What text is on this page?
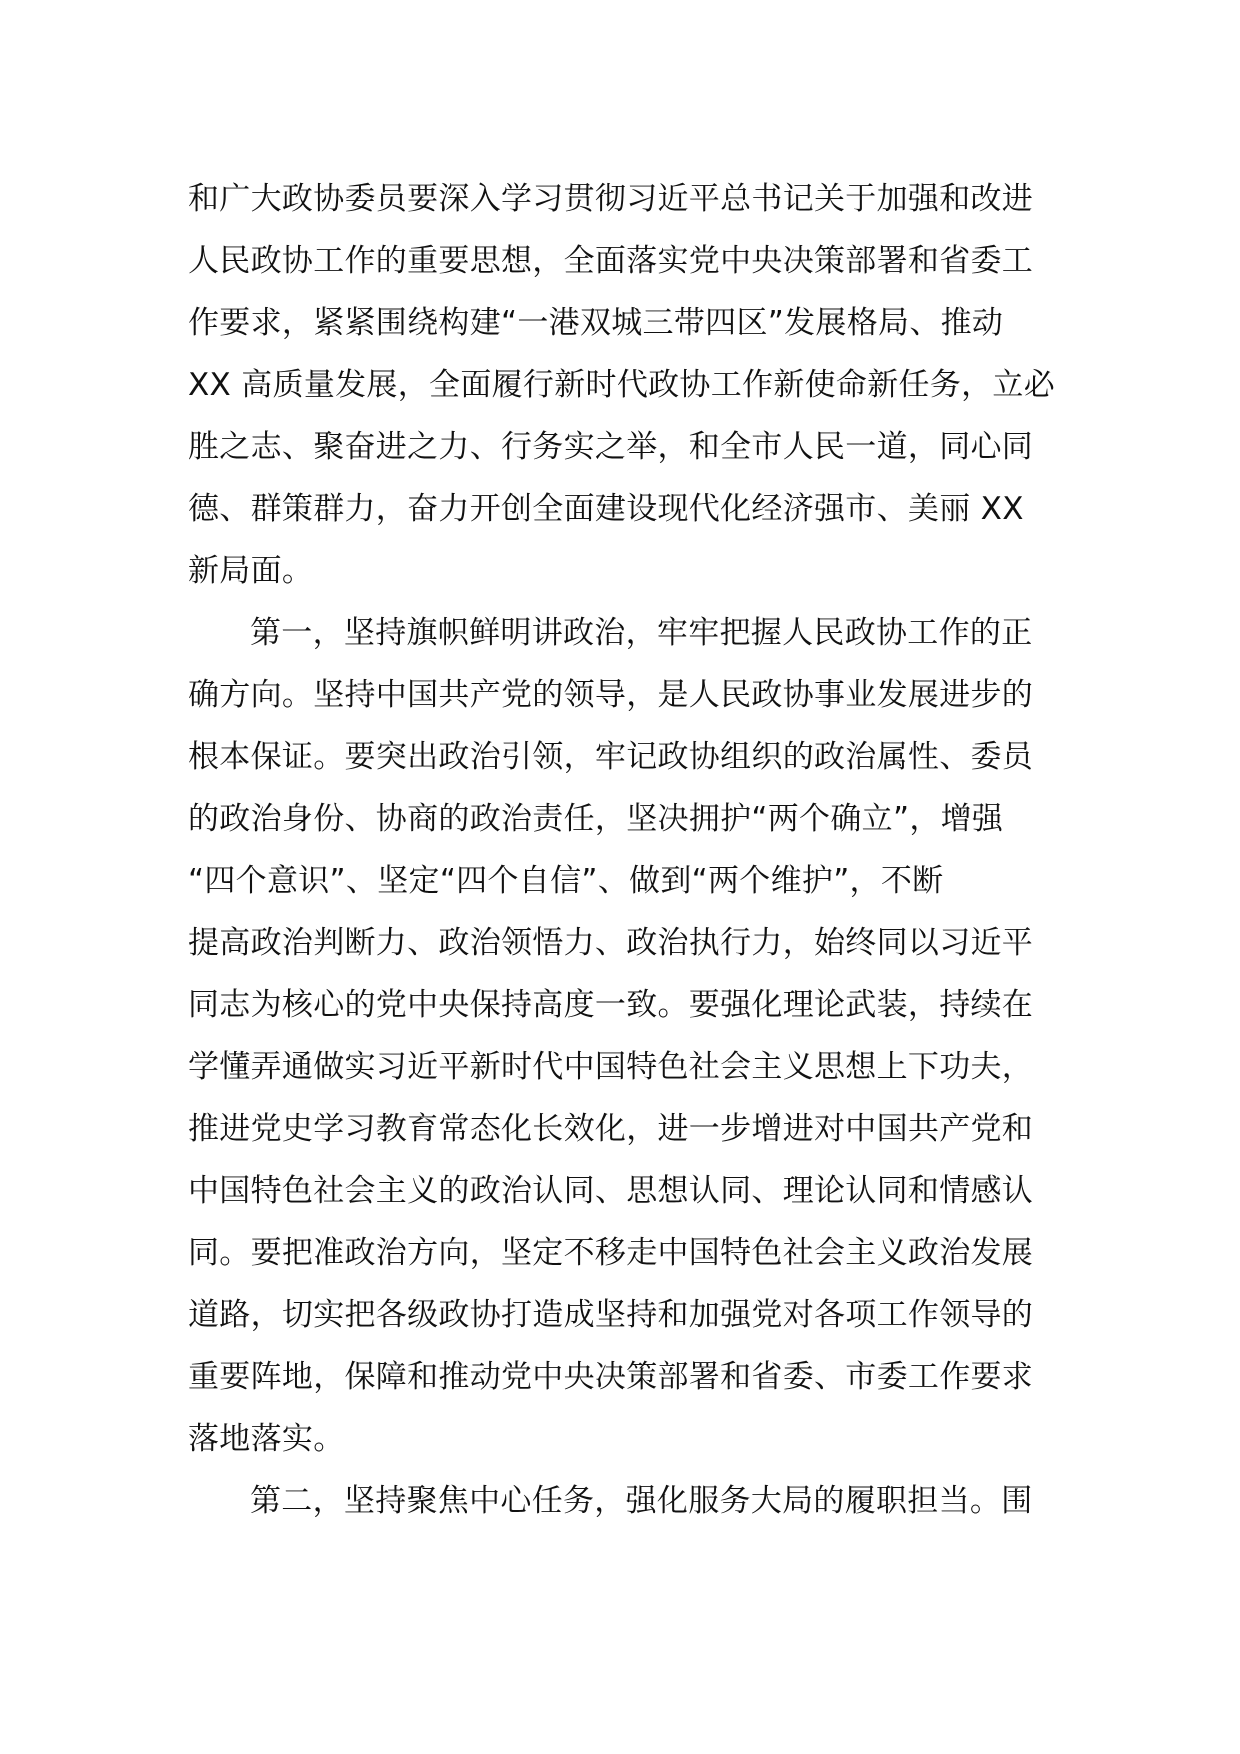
和广大政协委员要深入学习贯彻习近平总书记关于加强和改进
人民政协工作的重要思想，全面落实党中央决策部署和省委工
作要求，紧紧围绕构建“一港双城三带四区”发展格局、推动
XX 高质量发展，全面履行新时代政协工作新使命新任务，立必
胜之志、聚奋进之力、行务实之举，和全市人民一道，同心同
德、群策群力，奋力开创全面建设现代化经济强市、美丽 XX
新局面。
第一，坚持旗帜鲜明讲政治，牢牢把握人民政协工作的正
确方向。坚持中国共产党的领导，是人民政协事业发展进步的
根本保证。要突出政治引领，牢记政协组织的政治属性、委员
的政治身份、协商的政治责任，坚决拥护“两个确立”，增强
“四个意识”、坚定“四个自信”、做到“两个维护”，不断
提高政治判断力、政治领悟力、政治执行力，始终同以习近平
同志为核心的党中央保持高度一致。要强化理论武装，持续在
学懂弄通做实习近平新时代中国特色社会主义思想上下功夫，
推进党史学习教育常态化长效化，进一步增进对中国共产党和
中国特色社会主义的政治认同、思想认同、理论认同和情感认
同。要把准政治方向，坚定不移走中国特色社会主义政治发展
道路，切实把各级政协打造成坚持和加强党对各项工作领导的
重要阵地，保障和推动党中央决策部署和省委、市委工作要求
落地落实。
第二，坚持聚焦中心任务，强化服务大局的履职担当。围
